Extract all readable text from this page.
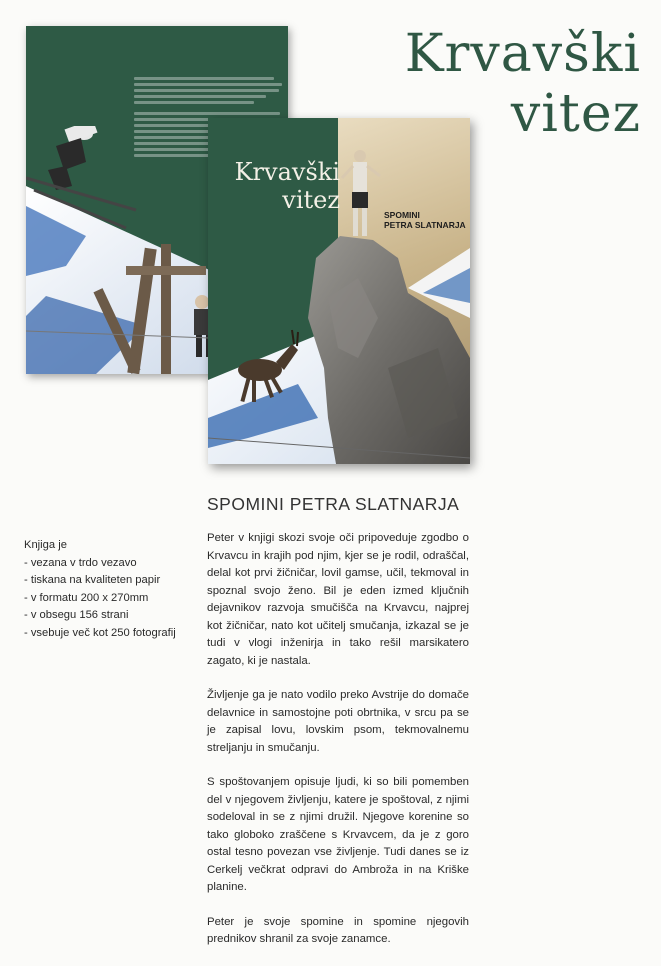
Krvavški
vitez
Krvavški
vitez
SPOMINI
PETRA SLATNARJA
Knjiga je
- vezana v trdo vezavo
- tiskana na kvaliteten papir
- v formatu 200 x 270mm
- v obsegu 156 strani
- vsebuje več kot 250 fotografij
SPOMINI PETRA SLATNARJA

Peter v knjigi skozi svoje oči pripoveduje zgodbo o Krvavcu in krajih pod njim, kjer se je rodil, odraščal, delal kot prvi žičničar, lovil gamse, učil, tekmoval in spoznal svojo ženo. Bil je eden izmed ključnih dejavnikov razvoja smučišča na Krvavcu, najprej kot žičničar, nato kot učitelj smučanja, izkazal se je tudi v vlogi inženirja in tako rešil marsikatero zagato, ki je nastala.

Življenje ga je nato vodilo preko Avstrije do domače delavnice in samostojne poti obrtnika, v srcu pa se je zapisal lovu, lovskim psom, tekmovalnemu streljanju in smučanju.

S spoštovanjem opisuje ljudi, ki so bili pomemben del v njegovem življenju, katere je spoštoval, z njimi sodeloval in se z njimi družil. Njegove korenine so tako globoko zraščene s Krvavcem, da je z goro ostal tesno povezan vse življenje. Tudi danes se iz Cerkelj večkrat odpravi do Ambroža in na Kriške planine.

Peter je svoje spomine in spomine njegovih prednikov shranil za svoje zanamce.
